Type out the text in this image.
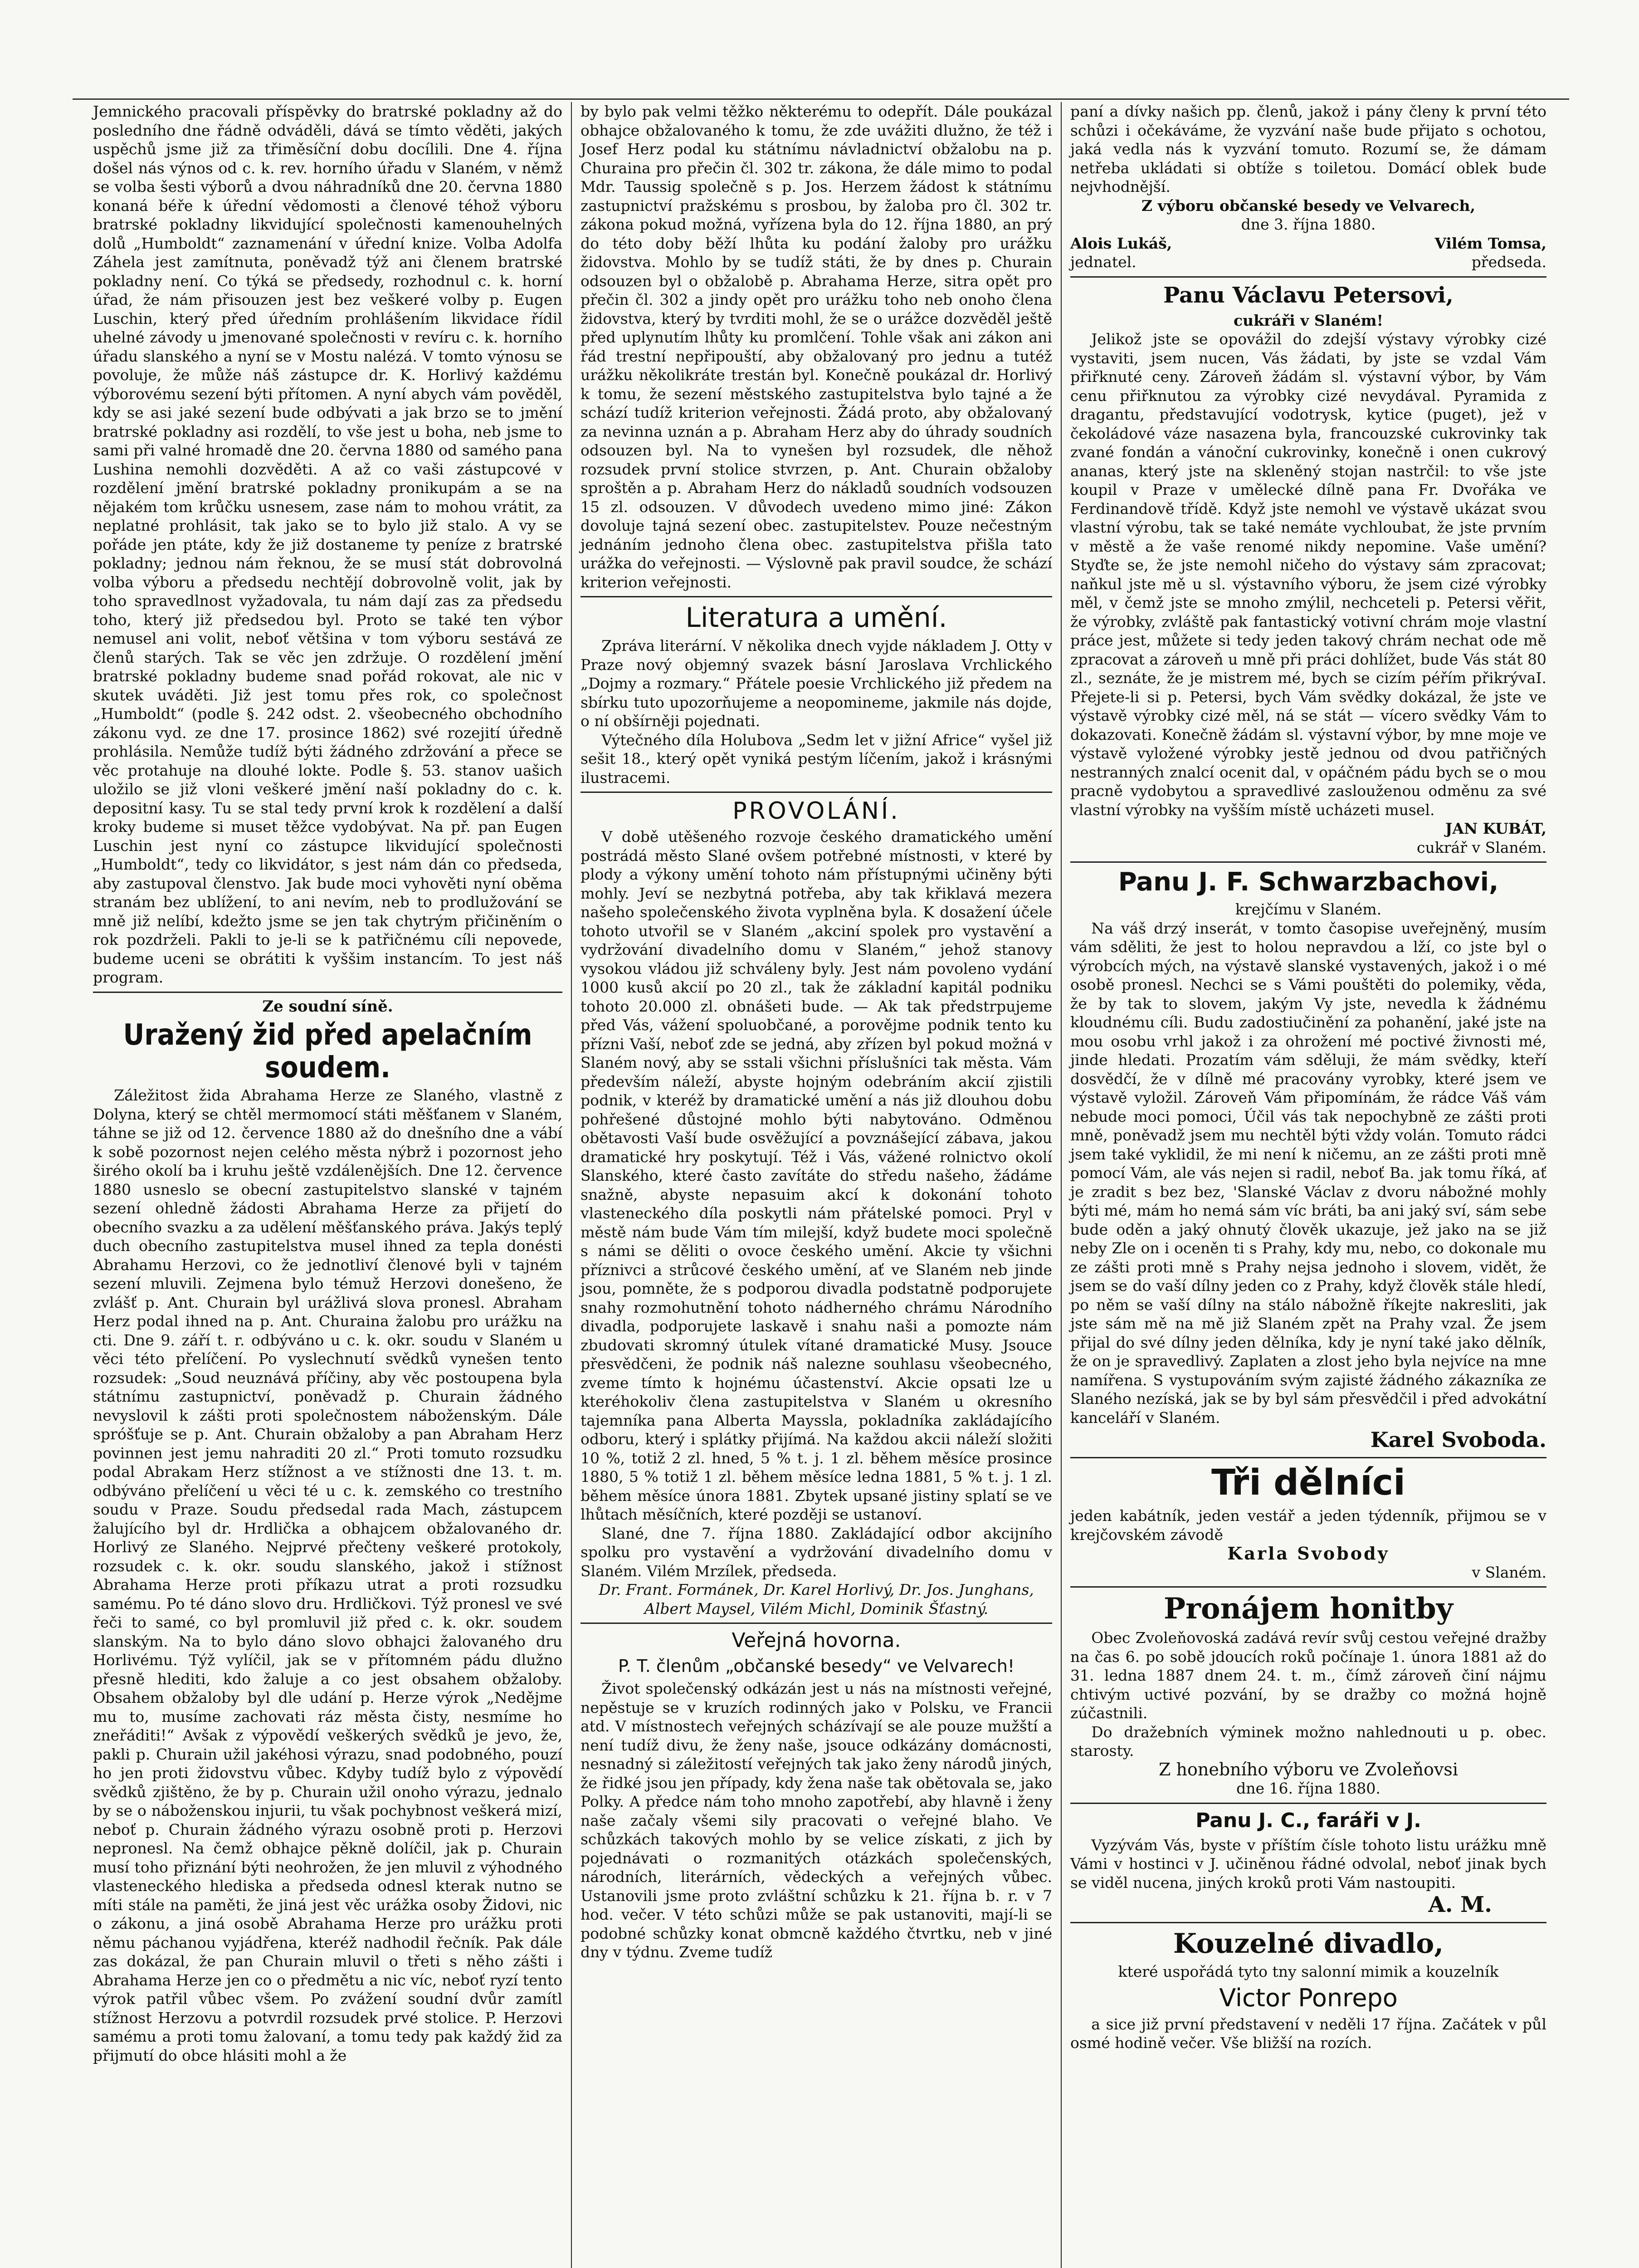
Jemnického pracovali příspěvky do bratrské pokladny až do posledního dne řádně odváděli, dává se tímto věděti, jakých uspěchů jsme již za třiměsíční dobu docílili. Dne 4. října došel nás výnos od c. k. rev. horního úřadu v Slaném, v němž se volba šesti výborů a dvou náhradníků dne 20. června 1880 konaná béře k úřední vědomosti a členové téhož výboru bratrské pokladny likvidující společnosti kamenouhelných dolů „Humboldt“ zaznamenání v úřední knize. Volba Adolfa Záhela jest zamítnuta, poněvadž týž ani členem bratrské pokladny není. Co týká se předsedy, rozhodnul c. k. horní úřad, že nám přisouzen jest bez veškeré volby p. Eugen Luschin, který před úředním prohlášením likvidace řídil uhelné závody u jmenované společnosti v revíru c. k. horního úřadu slanského a nyní se v Mostu nalézá. V tomto výnosu se povoluje, že může náš zástupce dr. K. Horlivý každému výborovému sezení býti přítomen. A nyní abych vám pověděl, kdy se asi jaké sezení bude odbývati a jak brzo se to jmění bratrské pokladny asi rozdělí, to vše jest u boha, neb jsme to sami při valné hromadě dne 20. června 1880 od samého pana Lushina nemohli dozvěděti. A až co vaši zástupcové v rozdělení jmění bratrské pokladny pronikupám a se na nějakém tom krůčku usnesem, zase nám to mohou vrátit, za neplatné prohlásit, tak jako se to bylo již stalo. A vy se pořáde jen ptáte, kdy že již dostaneme ty peníze z bratrské pokladny; jednou nám řeknou, že se musí stát dobrovolná volba výboru a předsedu nechtějí dobrovolně volit, jak by toho spravedlnost vyžadovala, tu nám dají zas za předsedu toho, který již předsedou byl. Proto se také ten výbor nemusel ani volit, neboť většina v tom výboru sestává ze členů starých. Tak se věc jen zdržuje. O rozdělení jmění bratrské pokladny budeme snad pořád rokovat, ale nic v skutek uváděti. Již jest tomu přes rok, co společnost „Humboldt“ (podle §. 242 odst. 2. všeobecného obchodního zákonu vyd. ze dne 17. prosince 1862) své rozejití úředně prohlásila. Nemůže tudíž býti žádného zdržování a přece se věc protahuje na dlouhé lokte. Podle §. 53. stanov uašich uložilo se již vloni veškeré jmění naší pokladny do c. k. depositní kasy. Tu se stal tedy první krok k rozdělení a další kroky budeme si muset těžce vydobývat. Na př. pan Eugen Luschin jest nyní co zástupce likvidující společnosti „Humboldt“, tedy co likvidátor, s jest nám dán co předseda, aby zastupoval členstvo. Jak bude moci vyhověti nyní oběma stranám bez ublížení, to ani nevím, neb to prodlužování se mně již nelíbí, kdežto jsme se jen tak chytrým přičiněním o rok pozdrželi. Pakli to je-li se k patřičnému cíli nepovede, budeme uceni se obrátiti k vyššim instancím. To jest náš program.

Ze soudní síně.
Uražený žid před apelačním soudem.

Záležitost žida Abrahama Herze ze Slaného, vlastně z Dolyna, který se chtěl mermomocí státi měšťanem v Slaném, táhne se již od 12. července 1880 až do dnešního dne a vábí k sobě pozornost nejen celého města nýbrž i pozornost jeho širého okolí ba i kruhu ještě vzdálenějších. Dne 12. července 1880 usneslo se obecní zastupitelstvo slanské v tajném sezení ohledně žádosti Abrahama Herze za přijetí do obecního svazku a za udělení měšťanského práva. Jakýs teplý duch obecního zastupitelstva musel ihned za tepla donésti Abrahamu Herzovi, co že jednotliví členové byli v tajném sezení mluvili. Zejmena bylo témuž Herzovi donešeno, že zvlášť p. Ant. Churain byl urážlivá slova pronesl. Abraham Herz podal ihned na p. Ant. Churaina žalobu pro urážku na cti. Dne 9. září t. r. odbýváno u c. k. okr. soudu v Slaném u věci této přelíčení. Po vyslechnutí svědků vynešen tento rozsudek: „Soud neuznává příčiny, aby věc postoupena byla státnímu zastupnictví, poněvadž p. Churain žádného nevyslovil k zášti proti společnostem náboženským. Dále spróšťuje se p. Ant. Churain obžaloby a pan Abraham Herz povinnen jest jemu nahraditi 20 zl.“ Proti tomuto rozsudku podal Abrakam Herz stížnost a ve stížnosti dne 13. t. m. odbýváno přelíčení u věci té u c. k. zemského co trestního soudu v Praze. Soudu předsedal rada Mach, zástupcem žalujícího byl dr. Hrdlička a obhajcem obžalovaného dr. Horlivý ze Slaného. Nejprvé přečteny veškeré protokoly, rozsudek c. k. okr. soudu slanského, jakož i stížnost Abrahama Herze proti příkazu utrat a proti rozsudku samému. Po té dáno slovo dru. Hrdličkovi. Týž pronesl ve své řeči to samé, co byl promluvil již před c. k. okr. soudem slanským. Na to bylo dáno slovo obhajci žalovaného dru Horlivému. Týž vylíčil, jak se v přítomném pádu dlužno přesně hlediti, kdo žaluje a co jest obsahem obžaloby. Obsahem obžaloby byl dle udání p. Herze výrok „Nedějme mu to, musíme zachovati ráz města čisty, nesmíme ho zneřáditi!“ Avšak z výpovědí veškerých svědků je jevo, že, pakli p. Churain užil jakéhosi výrazu, snad podobného, pouzí ho jen proti židovstvu vůbec. Kdyby tudíž bylo z výpovědí svědků zjištěno, že by p. Churain užil onoho výrazu, jednalo by se o náboženskou injurii, tu však pochybnost veškerá mizí, neboť p. Churain žádného výrazu osobně proti p. Herzovi nepronesl. Na čemž obhajce pěkně dolíčil, jak p. Churain musí toho přiznání býti neohrožen, že jen mluvil z výhodného vlasteneckého hlediska a předseda odnesl kterak nutno se míti stále na paměti, že jiná jest věc urážka osoby Židovi, nic o zákonu, a jiná osobě Abrahama Herze pro urážku proti němu páchanou vyjádřena, kteréž nadhodil řečník. Pak dále zas dokázal, že pan Churain mluvil o třeti s něho zášti i Abrahama Herze jen co o předmětu a nic víc, neboť ryzí tento výrok patřil vůbec všem. Po zvážení soudní dvůr zamítl stížnost Herzovu a potvrdil rozsudek prvé stolice. P. Herzovi samému a proti tomu žalovaní, a tomu tedy pak každý žid za přijmutí do obce hlásiti mohl a že

by bylo pak velmi těžko některému to odepřít. Dále poukázal obhajce obžalovaného k tomu, že zde uvážiti dlužno, že též i Josef Herz podal ku státnímu návladnictví obžalobu na p. Churaina pro přečin čl. 302 tr. zákona, že dále mimo to podal Mdr. Taussig společně s p. Jos. Herzem žádost k státnímu zastupnictví pražskému s prosbou, by žaloba pro čl. 302 tr. zákona pokud možná, vyřízena byla do 12. října 1880, an prý do této doby běží lhůta ku podání žaloby pro urážku židovstva. Mohlo by se tudíž státi, že by dnes p. Churain odsouzen byl o obžalobě p. Abrahama Herze, sitra opět pro přečin čl. 302 a jindy opět pro urážku toho neb onoho člena židovstva, který by tvrditi mohl, že se o urážce dozvěděl ještě před uplynutím lhůty ku promlčení. Tohle však ani zákon ani řád trestní nepřipouští, aby obžalovaný pro jednu a tutéž urážku několikráte trestán byl. Konečně poukázal dr. Horlivý k tomu, že sezení městského zastupitelstva bylo tajné a že schází tudíž kriterion veřejnosti. Žádá proto, aby obžalovaný za nevinna uznán a p. Abraham Herz aby do úhrady soudních odsouzen byl. Na to vynešen byl rozsudek, dle něhož rozsudek první stolice stvrzen, p. Ant. Churain obžaloby sproštěn a p. Abraham Herz do nákladů soudních vodsouzen 15 zl. odsouzen. V důvodech uvedeno mimo jiné: Zákon dovoluje tajná sezení obec. zastupitelstev. Pouze nečestným jednáním jednoho člena obec. zastupitelstva přišla tato urážka do veřejnosti. — Výslovně pak pravil soudce, že schází kriterion veřejnosti.

Literatura a umění.

Zpráva literární. V několika dnech vyjde nákladem J. Otty v Praze nový objemný svazek básní Jaroslava Vrchlického „Dojmy a rozmary.“ Přátele poesie Vrchlického již předem na sbírku tuto upozorňujeme a neopomineme, jakmile nás dojde, o ní obšírněji pojednati.

Výtečného díla Holubova „Sedm let v jižní Africe“ vyšel již sešit 18., který opět vyniká pestým líčením, jakož i krásnými ilustracemi.

PROVOLÁNÍ.

V době utěšeného rozvoje českého dramatického umění postrádá město Slané ovšem potřebné místnosti, v které by plody a výkony umění tohoto nám přístupnými učiněny býti mohly. Jeví se nezbytná potřeba, aby tak křiklavá mezera našeho společenského života vyplněna byla. K dosažení účele tohoto utvořil se v Slaném „akciní spolek pro vystavění a vydržování divadelního domu v Slaném,“ jehož stanovy vysokou vládou již schváleny byly. Jest nám povoleno vydání 1000 kusů akcií po 20 zl., tak že základní kapitál podniku tohoto 20.000 zl. obnášeti bude. — Ak tak předstrpujeme před Vás, vážení spoluobčané, a porovějme podnik tento ku přízni Vaší, neboť zde se jedná, aby zřízen byl pokud možná v Slaném nový, aby se sstali všichni příslušníci tak města. Vám především náleží, abyste hojným odebráním akcií zjistili podnik, v kteréž by dramatické umění a nás již dlouhou dobu pohřešené důstojné mohlo býti nabytováno. Odměnou obětavosti Vaší bude osvěžující a povznášející zábava, jakou dramatické hry poskytují. Též i Vás, vážené rolnictvo okolí Slanského, které často zavítáte do středu našeho, žádáme snažně, abyste nepasuim akcí k dokonání tohoto vlasteneckého díla poskytli nám přátelské pomoci. Pryl v městě nám bude Vám tím milejší, když budete moci společně s námi se děliti o ovoce českého umění. Akcie ty všichni příznivci a strůcové českého umění, ať ve Slaném neb jinde jsou, pomněte, že s podporou divadla podstatně podporujete snahy rozmohutnění tohoto nádherného chrámu Národního divadla, podporujete laskavě i snahu naši a pomozte nám zbudovati skromný útulek vítané dramatické Musy. Jsouce přesvědčeni, že podnik náš nalezne souhlasu všeobecného, zveme tímto k hojnému účastenství. Akcie opsati lze u kteréhokoliv člena zastupitelstva v Slaném u okresního tajemníka pana Alberta Mayssla, pokladníka zakládajícího odboru, který i splátky přijímá. Na každou akcii náleží složiti 10 %, totiž 2 zl. hned, 5 % t. j. 1 zl. během měsíce prosince 1880, 5 % totiž 1 zl. během měsíce ledna 1881, 5 % t. j. 1 zl. během měsíce února 1881. Zbytek upsané jistiny splatí se ve lhůtach měsíčních, které později se ustanoví.

Slané, dne 7. října 1880. Zakládající odbor akcijního spolku pro vystavění a vydržování divadelního domu v Slaném. Vilém Mrzílek, předseda.

Dr. Frant. Formánek, Dr. Karel Horlivý, Dr. Jos. Junghans, Albert Maysel, Vilém Michl, Dominik Šťastný.

Veřejná hovorna.
P. T. členům „občanské besedy“ ve Velvarech!

Život společenský odkázán jest u nás na místnosti veřejné, nepěstuje se v kruzích rodinných jako v Polsku, ve Francii atd. V místnostech veřejných scházívají se ale pouze mužští a není tudíž divu, že ženy naše, jsouce odkázány domácnosti, nesnadný si záležitostí veřejných tak jako ženy národů jiných, že řidké jsou jen případy, kdy žena naše tak obětovala se, jako Polky. A předce nám toho mnoho zapotřebí, aby hlavně i ženy naše začaly všemi sily pracovati o veřejné blaho. Ve schůzkách takových mohlo by se velice získati, z jich by pojednávati o rozmanitých otázkách společenských, národních, literárních, vědeckých a veřejných vůbec. Ustanovili jsme proto zvláštní schůzku k 21. října b. r. v 7 hod. večer. V této schůzi může se pak ustanoviti, mají-li se podobné schůzky konat obmcně každého čtvrtku, neb v jiné dny v týdnu. Zveme tudíž

paní a dívky našich pp. členů, jakož i pány členy k první této schůzi i očekáváme, že vyzvání naše bude přijato s ochotou, jaká vedla nás k vyzvání tomuto. Rozumí se, že dámam netřeba ukládati si obtíže s toiletou. Domácí oblek bude nejvhodnější.

Z výboru občanské besedy ve Velvarech,

dne 3. října 1880.

Alois Lukáš,	Vilém Tomsa,
jednatel.	předseda.
Panu Václavu Petersovi,

cukráři v Slaném!

Jelikož jste se opovážil do zdejší výstavy výrobky cizé vystaviti, jsem nucen, Vás žádati, by jste se vzdal Vám přiřknuté ceny. Zároveň žádám sl. výstavní výbor, by Vám cenu přiřknutou za výrobky cizé nevydával. Pyramida z dragantu, představující vodotrysk, kytice (puget), jež v čekoládové váze nasazena byla, francouzské cukrovinky tak zvané fondán a vánoční cukrovinky, konečně i onen cukrový ananas, který jste na skleněný stojan nastrčil: to vše jste koupil v Praze v umělecké dílně pana Fr. Dvořáka ve Ferdinandově třídě. Když jste nemohl ve výstavě ukázat svou vlastní výrobu, tak se také nemáte vychloubat, že jste prvním v městě a že vaše renomé nikdy nepomine. Vaše umění? Styďte se, že jste nemohl ničeho do výstavy sám zpracovat; naňkul jste mě u sl. výstavního výboru, že jsem cizé výrobky měl, v čemž jste se mnoho zmýlil, nechceteli p. Petersi věřit, že výrobky, zvláště pak fantastický votivní chrám moje vlastní práce jest, můžete si tedy jeden takový chrám nechat ode mě zpracovat a zároveň u mně při práci dohlížet, bude Vás stát 80 zl., seznáte, že je mistrem mé, bych se cizím péřím přikrývaI. Přejete-li si p. Petersi, bych Vám svědky dokázal, že jste ve výstavě výrobky cizé měl, ná se stát — vícero svědky Vám to dokazovati. Konečně žádám sl. výstavní výbor, by mne moje ve výstavě vyložené výrobky jestě jednou od dvou patřičných nestranných znalcí ocenit dal, v opáčném pádu bych se o mou pracně vydobytou a spravedlivé zaslouženou odměnu za své vlastní výrobky na vyšším místě ucházeti musel.

JAN KUBÁT,

cukrář v Slaném.

Panu J. F. Schwarzbachovi,

krejčímu v Slaném.

Na váš drzý inserát, v tomto časopise uveřejněný, musím vám sděliti, že jest to holou nepravdou a lží, co jste byl o výrobcích mých, na výstavě slanské vystavených, jakož i o mé osobě pronesl. Nechci se s Vámi pouštěti do polemiky, věda, že by tak to slovem, jakým Vy jste, nevedla k žádnému kloudnému cíli. Budu zadostiučinění za pohanění, jaké jste na mou osobu vrhl jakož i za ohrožení mé poctivé živnosti mé, jinde hledati. Prozatím vám sděluji, že mám svědky, kteří dosvědčí, že v dílně mé pracovány vyrobky, které jsem ve výstavě vyložil. Zároveň Vám připomínám, že rádce Váš vám nebude moci pomoci, Účil vás tak nepochybně ze zášti proti mně, poněvadž jsem mu nechtěl býti vždy volán. Tomuto rádci jsem také vyklidil, že mi není k ničemu, an ze zášti proti mně pomocí Vám, ale vás nejen si radil, neboť Ba. jak tomu říká, ať je zradit s bez bez, 'Slanské Václav z dvoru nábožné mohly býti mé, mám ho nemá sám víc bráti, ba ani jaký sví, sám sebe bude oděn a jaký ohnutý člověk ukazuje, jež jako na se již neby Zle on i oceněn ti s Prahy, kdy mu, nebo, co dokonale mu ze zášti proti mně s Prahy nejsa jednoho i slovem, vidět, že jsem se do vaší dílny jeden co z Prahy, když člověk stále hledí, po něm se vaší dílny na stálo nábožně říkejte nakresliti, jak jste sám mě na mě již Slaném zpět na Prahy vzal. Že jsem přijal do své dílny jeden dělníka, kdy je nyní také jako dělník, že on je spravedlivý. Zaplaten a zlost jeho byla nejvíce na mne namířena. S vystupováním svým zajisté žádného zákazníka ze Slaného nezíská, jak se by byl sám přesvědčil i před advokátní kanceláří v Slaném.

Karel Svoboda.

Tři dělníci

jeden kabátník, jeden vestář a jeden týdenník, přijmou se v krejčovském závodě

Karla Svobody

v Slaném.

Pronájem honitby

Obec Zvoleňovoská zadává revír svůj cestou veřejné dražby na čas 6. po sobě jdoucích roků počínaje 1. února 1881 až do 31. ledna 1887 dnem 24. t. m., čímž zároveň činí nájmu chtivým uctivé pozvání, by se dražby co možná hojně zúčastnili.

Do dražebních výminek možno nahlednouti u p. obec. starosty.

Z honebního výboru ve Zvoleňovsi

dne 16. října 1880.

Panu J. C., faráři v J.

Vyzývám Vás, byste v příštím čísle tohoto listu urážku mně Vámi v hostinci v J. učiněnou řádné odvolal, neboť jinak bych se viděl nucena, jiných kroků proti Vám nastoupiti.

A. M.

Kouzelné divadlo,

které uspořádá tyto tny salonní mimik a kouzelník

Victor Ponrepo

a sice již první představení v neděli 17 října. Začátek v půl osmé hodině večer. Vše bližší na rozích.
